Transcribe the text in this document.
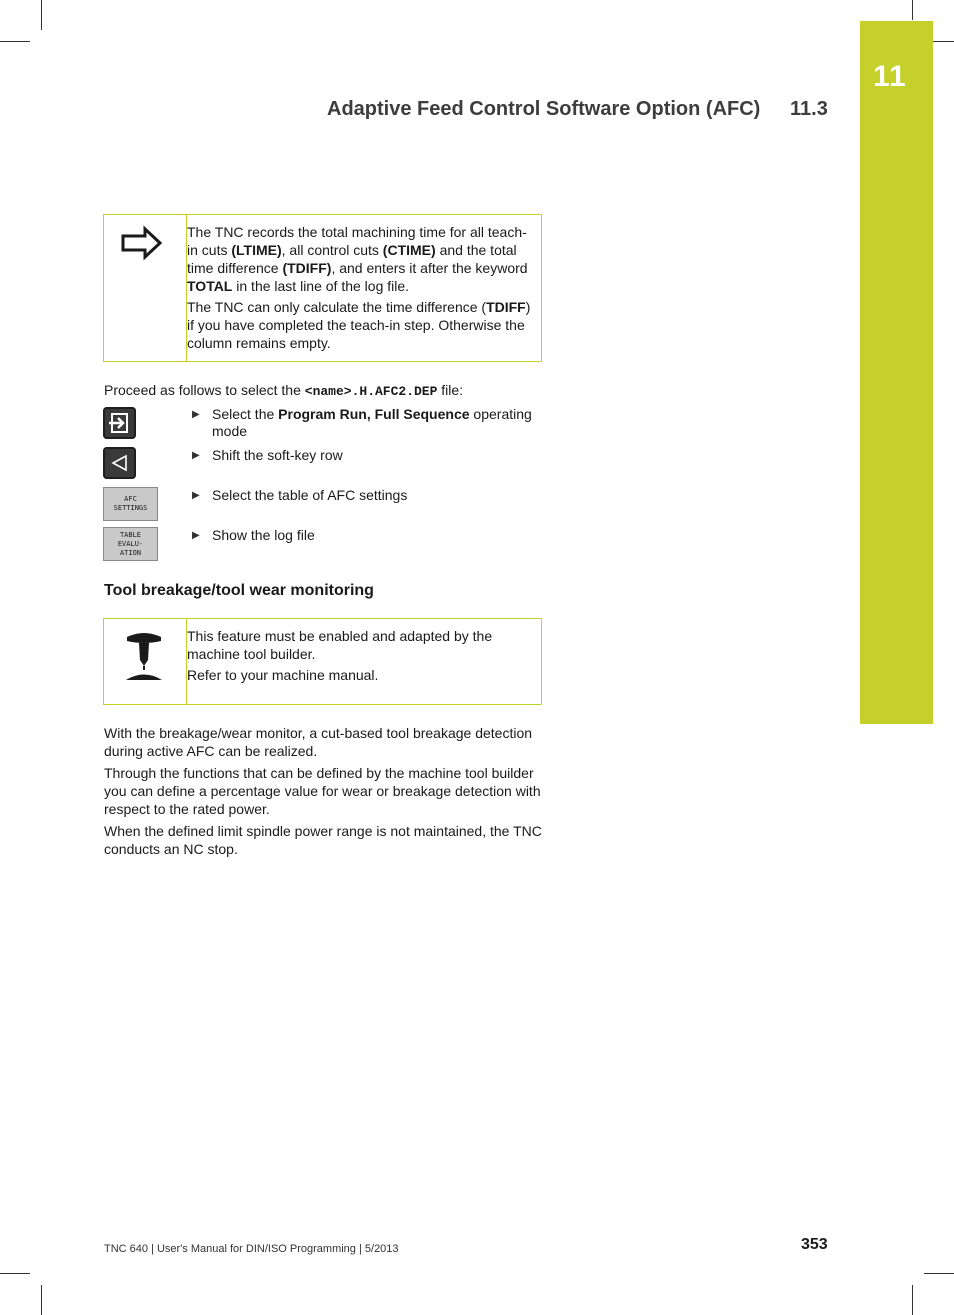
11
Adaptive Feed Control Software Option (AFC) 11.3

The TNC records the total machining time for all teach-in cuts (LTIME), all control cuts (CTIME) and the total time difference (TDIFF), and enters it after the keyword TOTAL in the last line of the log file.

The TNC can only calculate the time difference (TDIFF) if you have completed the teach-in step. Otherwise the column remains empty.

Proceed as follows to select the <name>.H.AFC2.DEP file:

▶ Select the Program Run, Full Sequence operating mode
▶ Shift the soft-key row
AFC
SETTINGS
▶ Select the table of AFC settings
TABLE
EVALU-
ATION
▶ Show the log file
Tool breakage/tool wear monitoring

This feature must be enabled and adapted by the machine tool builder.

Refer to your machine manual.

With the breakage/wear monitor, a cut-based tool breakage detection during active AFC can be realized.

Through the functions that can be defined by the machine tool builder you can define a percentage value for wear or breakage detection with respect to the rated power.

When the defined limit spindle power range is not maintained, the TNC conducts an NC stop.

TNC 640 | User's Manual for DIN/ISO Programming | 5/2013	353
